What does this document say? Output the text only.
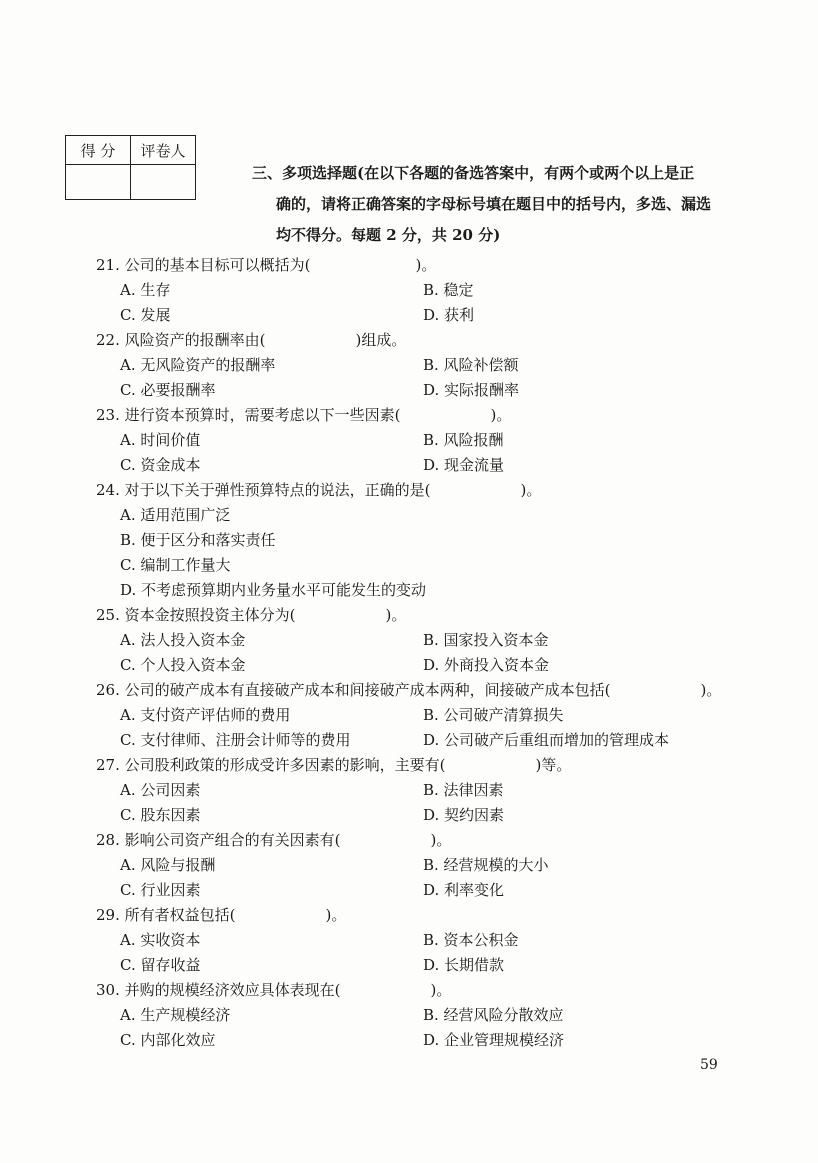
得 分	评卷人

三、多项选择题(在以下各题的备选答案中，有两个或两个以上是正
确的，请将正确答案的字母标号填在题目中的括号内，多选、漏选
均不得分。每题 2 分，共 20 分)
21. 公司的基本目标可以概括为(　　　　　　　)。
A. 生存	B. 稳定
C. 发展	D. 获利
22. 风险资产的报酬率由(　　　　　　)组成。
A. 无风险资产的报酬率	B. 风险补偿额
C. 必要报酬率	D. 实际报酬率
23. 进行资本预算时，需要考虑以下一些因素(　　　　　　)。
A. 时间价值	B. 风险报酬
C. 资金成本	D. 现金流量
24. 对于以下关于弹性预算特点的说法，正确的是(　　　　　　)。
A. 适用范围广泛
B. 便于区分和落实责任
C. 编制工作量大
D. 不考虑预算期内业务量水平可能发生的变动
25. 资本金按照投资主体分为(　　　　　　)。
A. 法人投入资本金	B. 国家投入资本金
C. 个人投入资本金	D. 外商投入资本金
26. 公司的破产成本有直接破产成本和间接破产成本两种，间接破产成本包括(　　　　　　)。
A. 支付资产评估师的费用	B. 公司破产清算损失
C. 支付律师、注册会计师等的费用	D. 公司破产后重组而增加的管理成本
27. 公司股利政策的形成受许多因素的影响，主要有(　　　　　　)等。
A. 公司因素	B. 法律因素
C. 股东因素	D. 契约因素
28. 影响公司资产组合的有关因素有(　　　　　　)。
A. 风险与报酬	B. 经营规模的大小
C. 行业因素	D. 利率变化
29. 所有者权益包括(　　　　　　)。
A. 实收资本	B. 资本公积金
C. 留存收益	D. 长期借款
30. 并购的规模经济效应具体表现在(　　　　　　)。
A. 生产规模经济	B. 经营风险分散效应
C. 内部化效应	D. 企业管理规模经济
59
